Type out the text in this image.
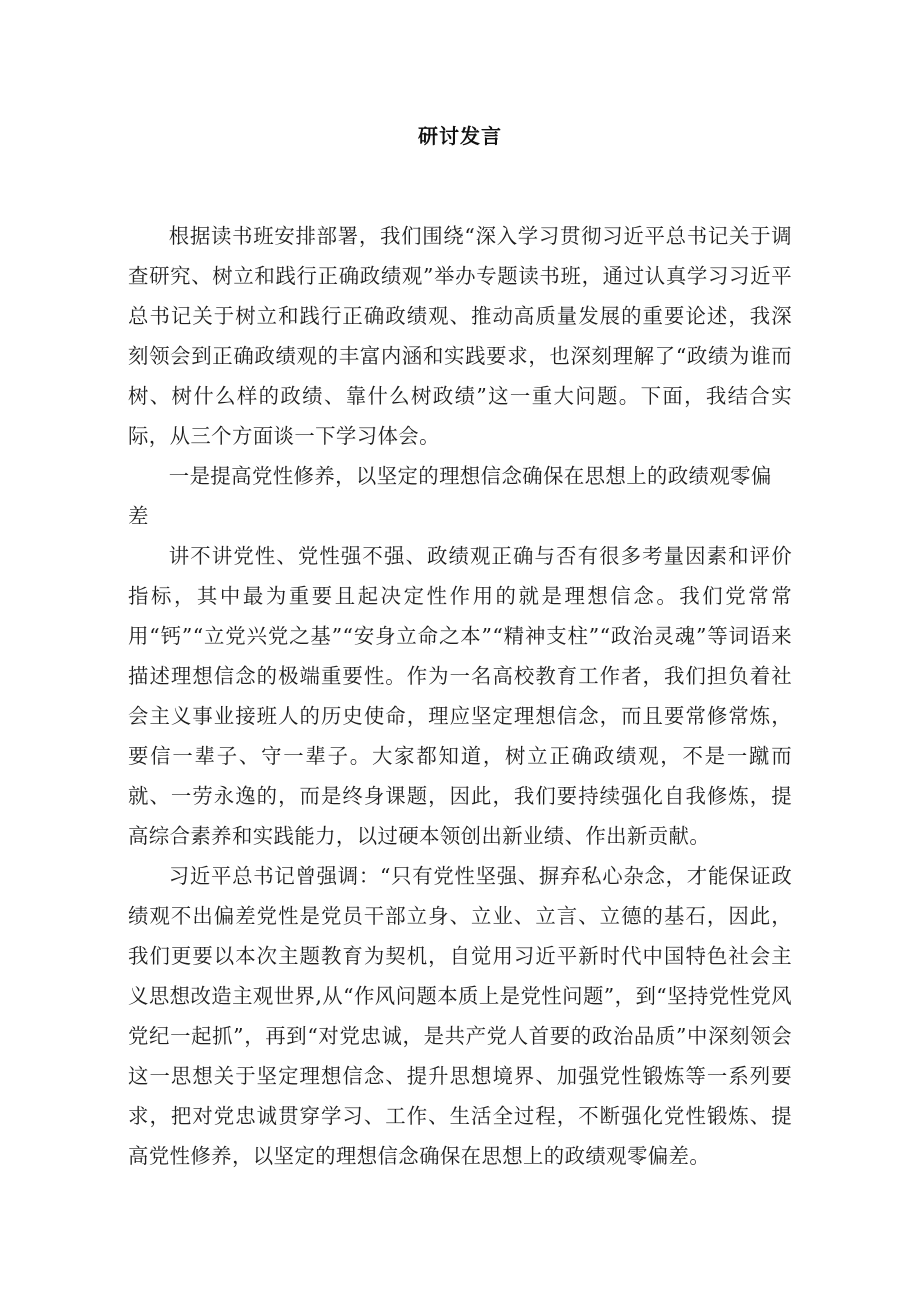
研讨发言

根据读书班安排部署，我们围绕“深入学习贯彻习近平总书记关于调查研究、树立和践行正确政绩观”举办专题读书班，通过认真学习习近平总书记关于树立和践行正确政绩观、推动高质量发展的重要论述，我深刻领会到正确政绩观的丰富内涵和实践要求，也深刻理解了“政绩为谁而树、树什么样的政绩、靠什么树政绩”这一重大问题。下面，我结合实际，从三个方面谈一下学习体会。

一是提高党性修养，以坚定的理想信念确保在思想上的政绩观零偏差

讲不讲党性、党性强不强、政绩观正确与否有很多考量因素和评价指标，其中最为重要且起决定性作用的就是理想信念。我们党常常用“钙”“立党兴党之基”“安身立命之本”“精神支柱”“政治灵魂”等词语来描述理想信念的极端重要性。作为一名高校教育工作者，我们担负着社会主义事业接班人的历史使命，理应坚定理想信念，而且要常修常炼，要信一辈子、守一辈子。大家都知道，树立正确政绩观，不是一蹴而就、一劳永逸的，而是终身课题，因此，我们要持续强化自我修炼，提高综合素养和实践能力，以过硬本领创出新业绩、作出新贡献。

习近平总书记曾强调：“只有党性坚强、摒弃私心杂念，才能保证政绩观不出偏差党性是党员干部立身、立业、立言、立德的基石，因此，我们更要以本次主题教育为契机，自觉用习近平新时代中国特色社会主义思想改造主观世界,从“作风问题本质上是党性问题”，到“坚持党性党风党纪一起抓”，再到“对党忠诚，是共产党人首要的政治品质”中深刻领会这一思想关于坚定理想信念、提升思想境界、加强党性锻炼等一系列要求，把对党忠诚贯穿学习、工作、生活全过程，不断强化党性锻炼、提高党性修养，以坚定的理想信念确保在思想上的政绩观零偏差。
